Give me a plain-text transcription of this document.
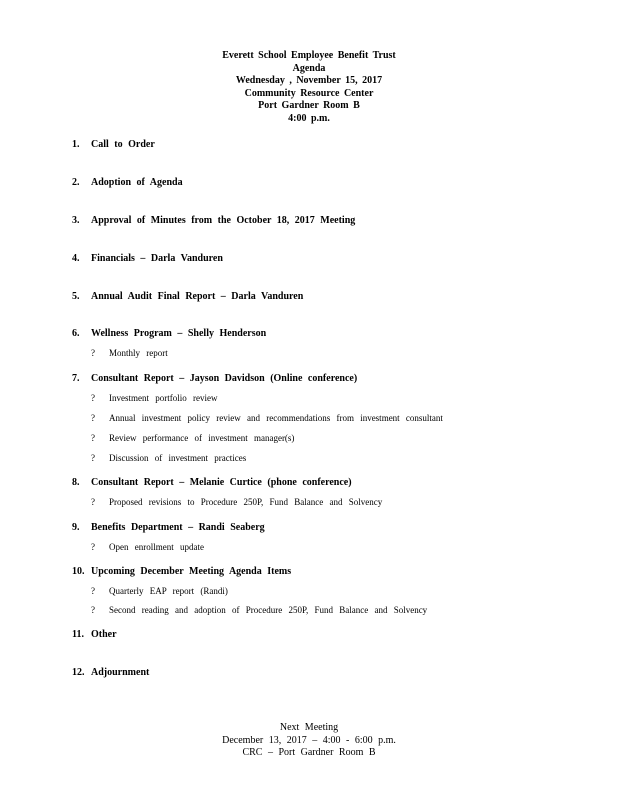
Everett School Employee Benefit Trust
Agenda
Wednesday , November 15, 2017
Community Resource Center
Port Gardner Room B
4:00 p.m.
1. Call to Order
2. Adoption of Agenda
3. Approval of Minutes from the October 18, 2017 Meeting
4. Financials – Darla Vanduren
5. Annual Audit Final Report – Darla Vanduren
6. Wellness Program – Shelly Henderson
? Monthly report
7. Consultant Report – Jayson Davidson (Online conference)
? Investment portfolio review
? Annual investment policy review and recommendations from investment consultant
? Review performance of investment manager(s)
? Discussion of investment practices
8. Consultant Report – Melanie Curtice (phone conference)
? Proposed revisions to Procedure 250P, Fund Balance and Solvency
9. Benefits Department – Randi Seaberg
? Open enrollment update
10. Upcoming December Meeting Agenda Items
? Quarterly EAP report (Randi)
? Second reading and adoption of Procedure 250P, Fund Balance and Solvency
11. Other
12. Adjournment
Next Meeting
December 13, 2017 – 4:00 - 6:00 p.m.
CRC – Port Gardner Room B
